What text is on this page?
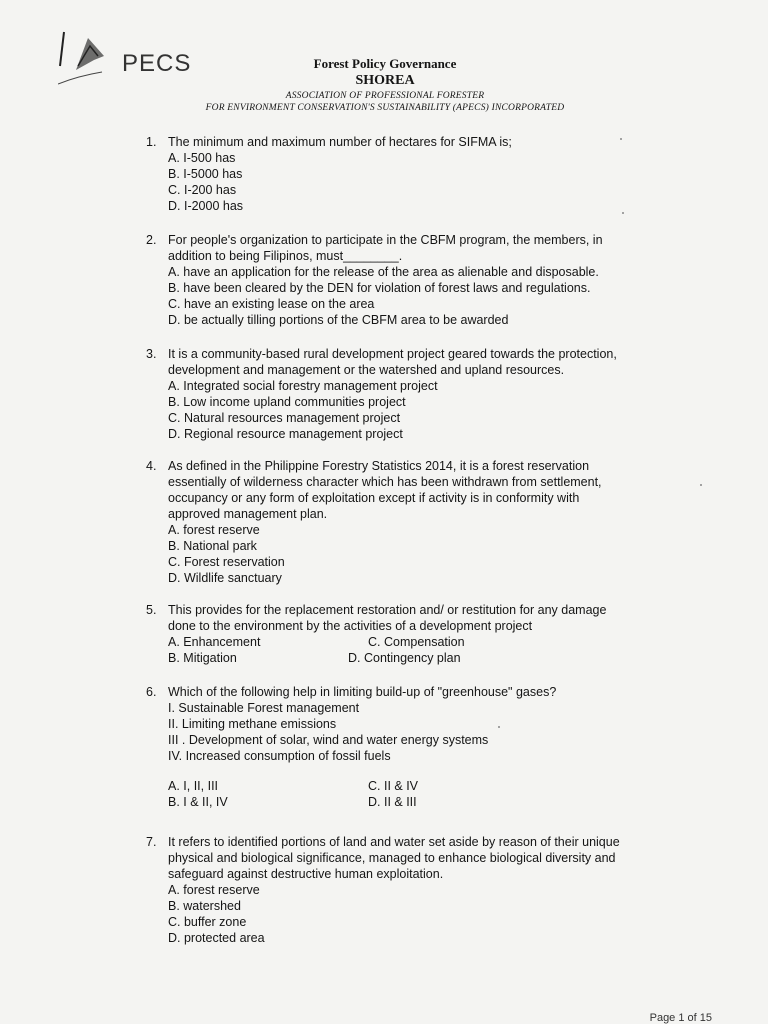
PECS	Forest Policy Governance
SHOREA
ASSOCIATION OF PROFESSIONAL FORESTER
FOR ENVIRONMENT CONSERVATION'S SUSTAINABILITY (APECS) INCORPORATED
1. The minimum and maximum number of hectares for SIFMA is;
A. I-500 has
B. I-5000 has
C. I-200 has
D. I-2000 has
2. For people's organization to participate in the CBFM program, the members, in
addition to being Filipinos, must________.
A. have an application for the release of the area as alienable and disposable.
B. have been cleared by the DEN for violation of forest laws and regulations.
C. have an existing lease on the area
D. be actually tilling portions of the CBFM area to be awarded
3. It is a community-based rural development project geared towards the protection,
development and management or the watershed and upland resources.
A. Integrated social forestry management project
B. Low income upland communities project
C. Natural resources management project
D. Regional resource management project
4. As defined in the Philippine Forestry Statistics 2014, it is a forest reservation
essentially of wilderness character which has been withdrawn from settlement,
occupancy or any form of exploitation except if activity is in conformity with
approved management plan.
A. forest reserve
B. National park
C. Forest reservation
D. Wildlife sanctuary
5. This provides for the replacement restoration and/ or restitution for any damage
done to the environment by the activities of a development project
A. Enhancement
B. Mitigation
C. Compensation
D. Contingency plan
6. Which of the following help in limiting build-up of "greenhouse" gases?
I. Sustainable Forest management
II. Limiting methane emissions
III . Development of solar, wind and water energy systems
IV. Increased consumption of fossil fuels
A. I, II, III
B. I & II, IV
C. II & IV
D. II & III
7. It refers to identified portions of land and water set aside by reason of their unique
physical and biological significance, managed to enhance biological diversity and
safeguard against destructive human exploitation.
A. forest reserve
B. watershed
C. buffer zone
D. protected area
Page 1 of 15
